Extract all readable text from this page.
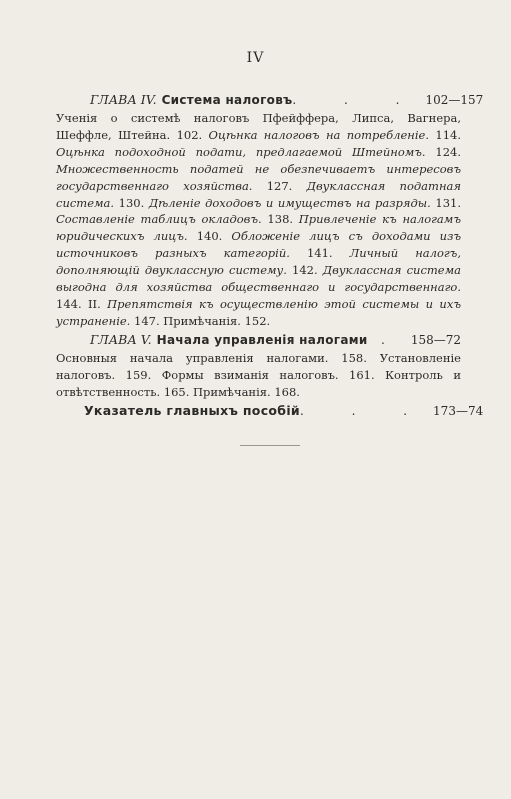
IV
ГЛАВА IV. Система налоговъ . . . 102—157
Ученія о системѣ налоговъ Пфейффера, Липса, Вагнера, Шеффле, Штейна. 102. Оцѣнка налоговъ на потребленіе. 114. Оцѣнка подоходной подати, предлагаемой Штейномъ. 124. Множественность податей не обезпечиваетъ интересовъ государственнаго хозяйства. 127. Двуклассная податная система. 130. Дѣленіе доходовъ и имуществъ на разряды. 131. Составленіе таблицъ окладовъ. 138. Привлеченіе къ налогамъ юридическихъ лицъ. 140. Обложеніе лицъ съ доходами изъ источниковъ разныхъ категорій. 141. Личный налогъ, дополняющій двуклассную систему. 142. Двуклассная система выгодна для хозяйства общественнаго и государственнаго. 144. II. Препятствія къ осуществленію этой системы и ихъ устраненіе. 147. Примѣчанія. 152.
ГЛАВА V. Начала управленія налогами	. 158—72
Основныя начала управленія налогами. 158. Установленіе налоговъ. 159. Формы взиманія налоговъ. 161. Контроль и отвѣтственность. 165. Примѣчанія. 168.
Указатель главныхъ пособій . . . 173—74
